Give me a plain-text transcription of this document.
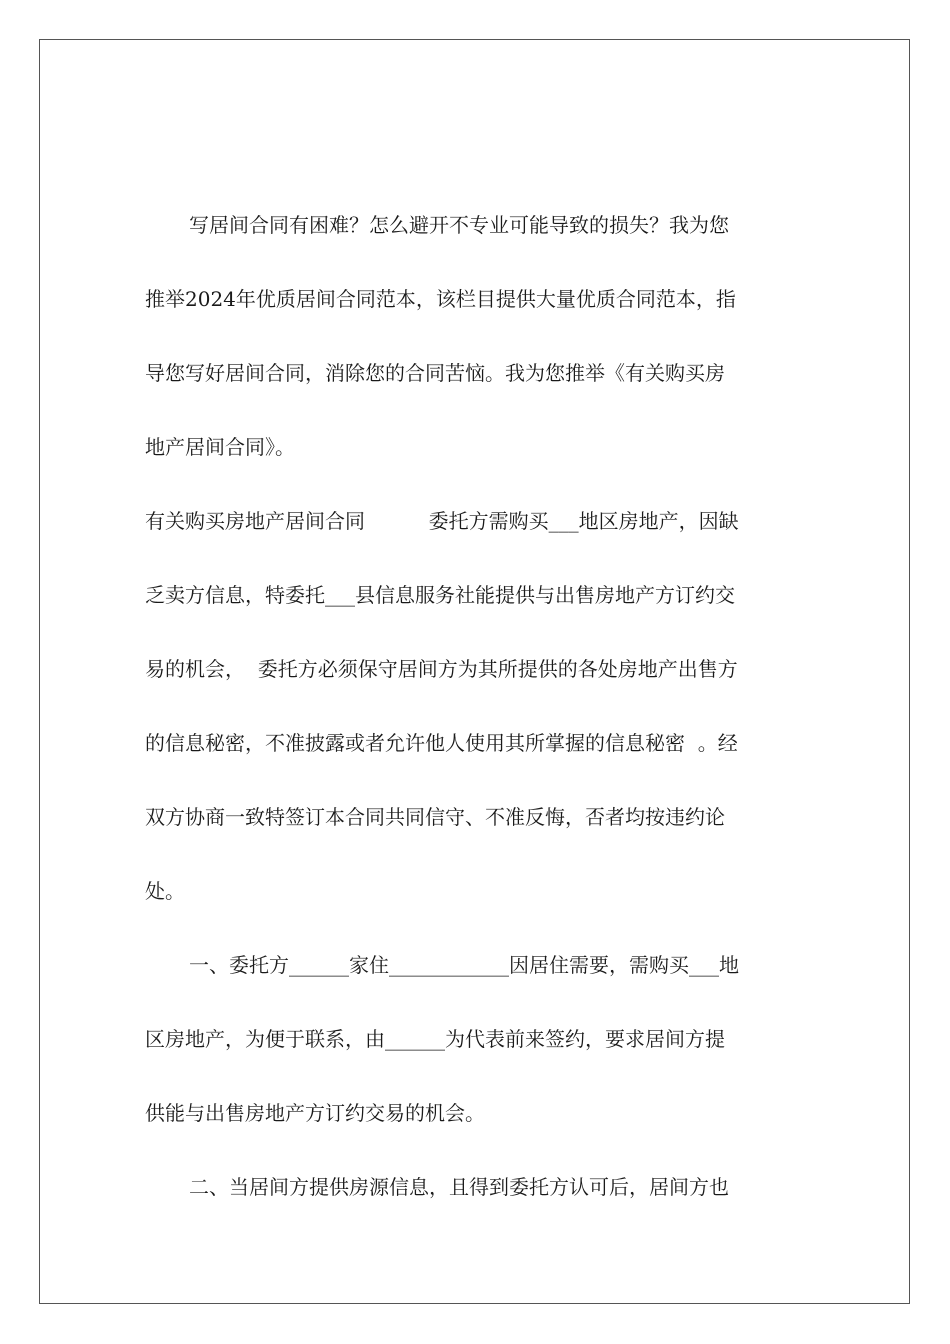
写居间合同有困难？怎么避开不专业可能导致的损失？我为您
推举2024年优质居间合同范本，该栏目提供大量优质合同范本，指
导您写好居间合同，消除您的合同苦恼。我为您推举《有关购买房
地产居间合同》。
有关购买房地产居间合同          委托方需购买___地区房地产，因缺
乏卖方信息，特委托___县信息服务社能提供与出售房地产方订约交
易的机会，  委托方必须保守居间方为其所提供的各处房地产出售方
的信息秘密，不准披露或者允许他人使用其所掌握的信息秘密  。经
双方协商一致特签订本合同共同信守、不准反悔，否者均按违约论
处。
一、委托方______家住____________因居住需要，需购买___地
区房地产，为便于联系，由______为代表前来签约，要求居间方提
供能与出售房地产方订约交易的机会。
二、当居间方提供房源信息，且得到委托方认可后，居间方也
